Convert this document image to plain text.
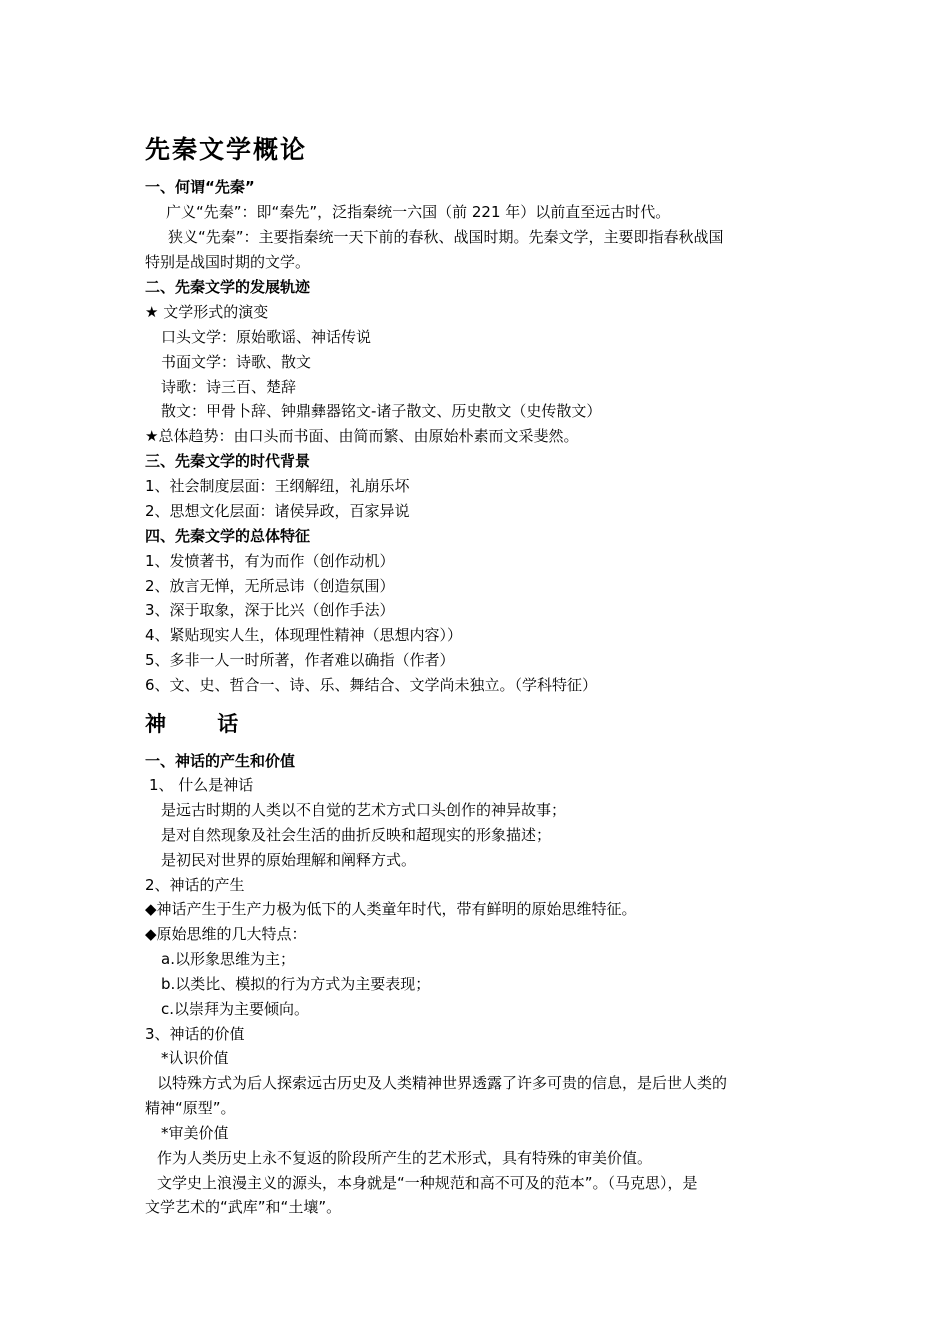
先秦文学概论
一、何谓“先秦”
广义“先秦”：即“秦先”，泛指秦统一六国（前 221 年）以前直至远古时代。
狭义“先秦”：主要指秦统一天下前的春秋、战国时期。先秦文学，主要即指春秋战国
特别是战国时期的文学。
二、先秦文学的发展轨迹
★ 文学形式的演变
口头文学：原始歌谣、神话传说
书面文学：诗歌、散文
诗歌：诗三百、楚辞
散文：甲骨卜辞、钟鼎彝器铭文-诸子散文、历史散文（史传散文）
★总体趋势：由口头而书面、由简而繁、由原始朴素而文采斐然。
三、先秦文学的时代背景
1、社会制度层面：王纲解纽，礼崩乐坏
2、思想文化层面：诸侯异政，百家异说
四、先秦文学的总体特征
1、发愤著书，有为而作（创作动机）
2、放言无惮，无所忌讳（创造氛围）
3、深于取象，深于比兴（创作手法）
4、紧贴现实人生，体现理性精神（思想内容））
5、多非一人一时所著，作者难以确指（作者）
6、文、史、哲合一、诗、乐、舞结合、文学尚未独立。（学科特征）
神 话
一、神话的产生和价值
1、 什么是神话
是远古时期的人类以不自觉的艺术方式口头创作的神异故事；
是对自然现象及社会生活的曲折反映和超现实的形象描述；
是初民对世界的原始理解和阐释方式。
2、神话的产生
◆神话产生于生产力极为低下的人类童年时代，带有鲜明的原始思维特征。
◆原始思维的几大特点：
a.以形象思维为主；
b.以类比、模拟的行为方式为主要表现；
c.以崇拜为主要倾向。
3、神话的价值
*认识价值
以特殊方式为后人探索远古历史及人类精神世界透露了许多可贵的信息，是后世人类的
精神“原型”。
*审美价值
作为人类历史上永不复返的阶段所产生的艺术形式，具有特殊的审美价值。
文学史上浪漫主义的源头，本身就是“一种规范和高不可及的范本”。（马克思），是
文学艺术的“武库”和“土壤”。
